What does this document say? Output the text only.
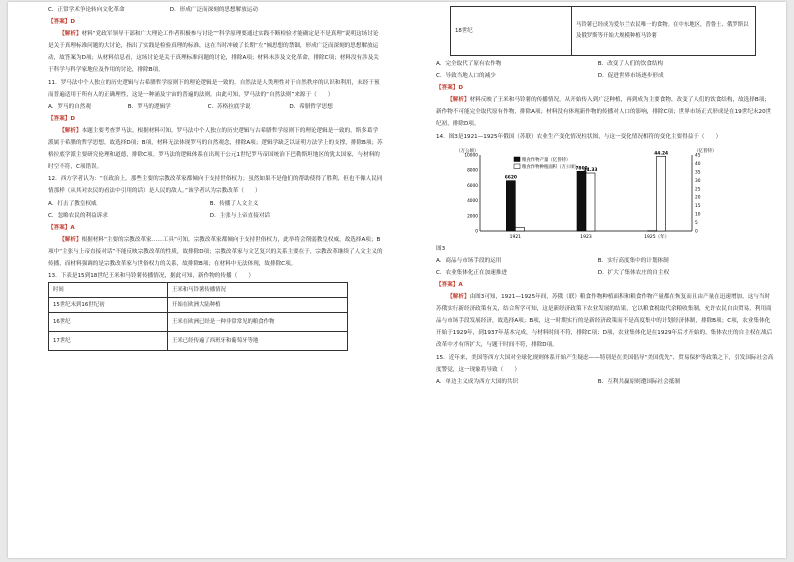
C．正常学术争论转向文化革命	D．形成广泛而深刻的思想解放运动
【答案】D
【解析】材料“党政军领导干部和广大理论工作者积极参与讨论”“科学原理要通过实践不断检验才能确定是不是真理”说明这场讨论是关于真理标准问题的大讨论，指出了实践是检验真理的标准，这在当时冲破了长期“左”倾思想的禁锢，形成广泛而深刻的思想解放运动，故答案为D项；从材料信息看，这场讨论是关于真理标准问题的讨论，排除A项；材料未涉及文化革命，排除C项；材料没有涉及关于科学与科学家地位及作用的讨论，排除B项。
11．罗马法中个人独立的历史逻辑与古希腊哲学原则下的理论逻辑是一致的。自然法是人类理性对于自然秩序的认识和利用，未经干预而普遍适用于所有人的正确理性，这是一种涌及宇宙的普遍的法则。由此可知，罗马法的“自然法则”来源于（　　）
A．罗马的自然观	B．罗马的逻辑学	C．苏格拉底学说	D．希腊哲学思想
【答案】D
【解析】本题主要考查罗马法。根据材料可知，罗马法中个人独立的历史逻辑与古希腊哲学原则下的理论逻辑是一致的，斯多葛学派属于希腊的哲学思想，故选择D项；B项，材料无法体现罗马的自然观念，排除A项；逻辑学缺乏以证明方法学上的支撑，排除B项；苏格拉底学派主要研究伦理和道德，排除C项。罗马法的逻辑体系在出现于公元1世纪罗马帝国统治下巴勒斯坦地区的犹太国家，与材料的时空不符，C项错误。
12．西方学者认为：“在政治上，那些主要的宗教改革家都倾向于支持世俗权力；虽然如果不是他们的帮助使得了胜利，但也不像人民同情那样（从其对农民的看法中引用的话）是人民的敌人。”该学者认为宗教改革（　　）
A．打击了教皇权威	B．传播了人文主义
C．忽略农民的利益诉求	D．主张与上帝直接对话
【答案】A
【解析】根据材料“主要的宗教改革家……工具”可知，宗教改革家都倾向于支持世俗权力，此举将会削弱教皇权威，故选择A项；B项中“主张与上帝直接对话”不能反映宗教改革的性质，故排除D项；宗教改革家与文艺复兴的关系主要在于，宗教改革继续了人文主义的传播，而材料强调的是宗教改革家与世俗权力的关系，故排除B项；在材料中无法体现，故排除C项。
13．下表是15到18世纪王米和马铃薯传播情况，据此可知，新作物的传播（　　）
时间	王米和马铃薯传播情况
15世纪末到16世纪初	开始在欧洲大陆种植
16世纪	王米在欧洲已经是一种非常常见的粮食作物
17世纪	王米已经传遍了西班牙和葡萄牙等地
18世纪	马铃薯已经成为爱尔兰农民唯一的食物。在中东地区，普鲁士、俄罗斯以及俄罗斯等开始大规模种植马铃薯
A．完全取代了原有农作物	B．改变了人们的饮食结构
C．导致当地人口的减少	D．促进世界市场逐步形成
【答案】D
【解析】材料反映了王米和马铃薯的传播情况，从开始传入到广泛种植，再到成为主要食物，改变了人们的饮食结构，故选择B项；新作物不可能完全取代原有作物，排除A项；材料没有体现新作物的传播对人口的影响，排除C项；世界市场正式形成是在19世纪末20世纪初，排除D项。
14．图3是1921—1925年俄国（苏联）农业生产变化情况柱状图，与这一变化情况相符的变化主要得益于（　　）
（万公顷）	（亿普特）
0
2000
4000
6000
8000
10000
0
5
10
15
20
25
30
35
40
45
粮食作物产量（亿普特）
粮食作物种植面积（万公顷）
1921	1923	1925（年）
6620
7860
34.33
44.24
图3
A．商品与市场手段的运用	B．实行高度集中的计划体制
C．农业集体化正在加速推进	D．扩大了集体农庄的自主权
【答案】A
【解析】由图3可知，1921—1925年间，苏俄（联）粮食作物种植面积和粮食作物产量都在恢复而且由产量在迅速增加，这与当时苏俄实行新经济政策有关，结合所学可知，这是新经济政策下农业发展的结果，它以粮食税取代余粮收集制，允许农民自由贸易，利用商品与市场手段发展经济，故选择A项；B项，这一时期实行的是新经济政策而不是高度集中的计划经济体制，排除B项；C项，农业集体化开始于1929年，到1937年基本完成，与材料时间不符，排除C项；D项，农业集体化是在1929年后才开始的，集体农庄的自主权在战后改革中才有所扩大，与题干时间不符，排除D项。
15．近年来，美国等西方大国对全球化规则体系开始产生疑虑——特别是在美国倡导“美国优先”、贸易保护等政策之下，引发国际社会高度警觉，这一现象将导致（　　）
A．单边主义成为西方大国的共识	B．互利共赢原则遭国际社会抵制
